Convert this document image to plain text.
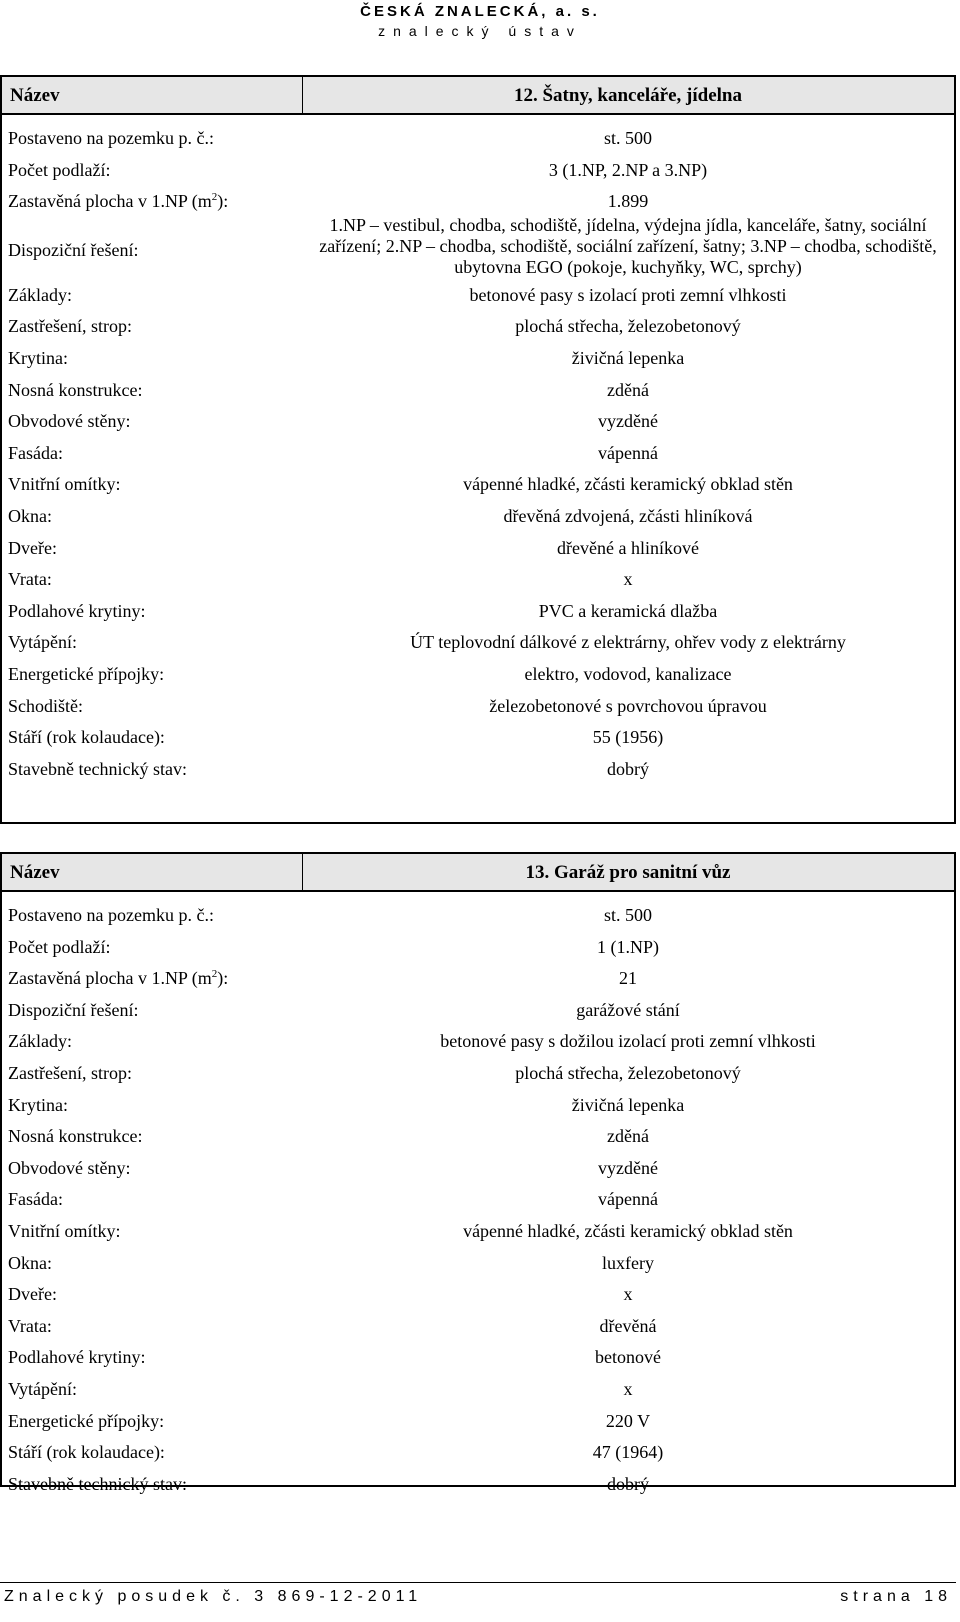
ČESKÁ ZNALECKÁ, a. s.
znalecký ústav
Název	12. Šatny, kanceláře, jídelna
Postaveno na pozemku p. č.:	st. 500
Počet podlaží:	3 (1.NP, 2.NP a 3.NP)
Zastavěná plocha v 1.NP $(m^2)$:	1.899
Dispoziční řešení:
1.NP – vestibul, chodba, schodiště, jídelna, výdejna jídla, kanceláře, šatny, sociální zařízení; 2.NP – chodba, schodiště, sociální zařízení, šatny; 3.NP – chodba, schodiště, ubytovna EGO (pokoje, kuchyňky, WC, sprchy)
Základy:	betonové pasy s izolací proti zemní vlhkosti
Zastřešení, strop:	plochá střecha, železobetonový
Krytina:	živičná lepenka
Nosná konstrukce:	zděná
Obvodové stěny:	vyzděné
Fasáda:	vápenná
Vnitřní omítky:	vápenné hladké, zčásti keramický obklad stěn
Okna:	dřevěná zdvojená, zčásti hliníková
Dveře:	dřevěné a hliníkové
Vrata:	x
Podlahové krytiny:	PVC a keramická dlažba
Vytápění:	ÚT teplovodní dálkové z elektrárny, ohřev vody z elektrárny
Energetické přípojky:	elektro, vodovod, kanalizace
Schodiště:	železobetonové s povrchovou úpravou
Stáří (rok kolaudace):	55 (1956)
Stavebně technický stav:	dobrý
Název	13. Garáž pro sanitní vůz
Postaveno na pozemku p. č.:	st. 500
Počet podlaží:	1 (1.NP)
Zastavěná plocha v 1.NP $(m^2)$:	21
Dispoziční řešení:	garážové stání
Základy:	betonové pasy s dožilou izolací proti zemní vlhkosti
Zastřešení, strop:	plochá střecha, železobetonový
Krytina:	živičná lepenka
Nosná konstrukce:	zděná
Obvodové stěny:	vyzděné
Fasáda:	vápenná
Vnitřní omítky:	vápenné hladké, zčásti keramický obklad stěn
Okna:	luxfery
Dveře:	x
Vrata:	dřevěná
Podlahové krytiny:	betonové
Vytápění:	x
Energetické přípojky:	220 V
Stáří (rok kolaudace):	47 (1964)
Stavebně technický stav:	dobrý
Znalecký posudek č. 3 869-12-2011	strana 18
